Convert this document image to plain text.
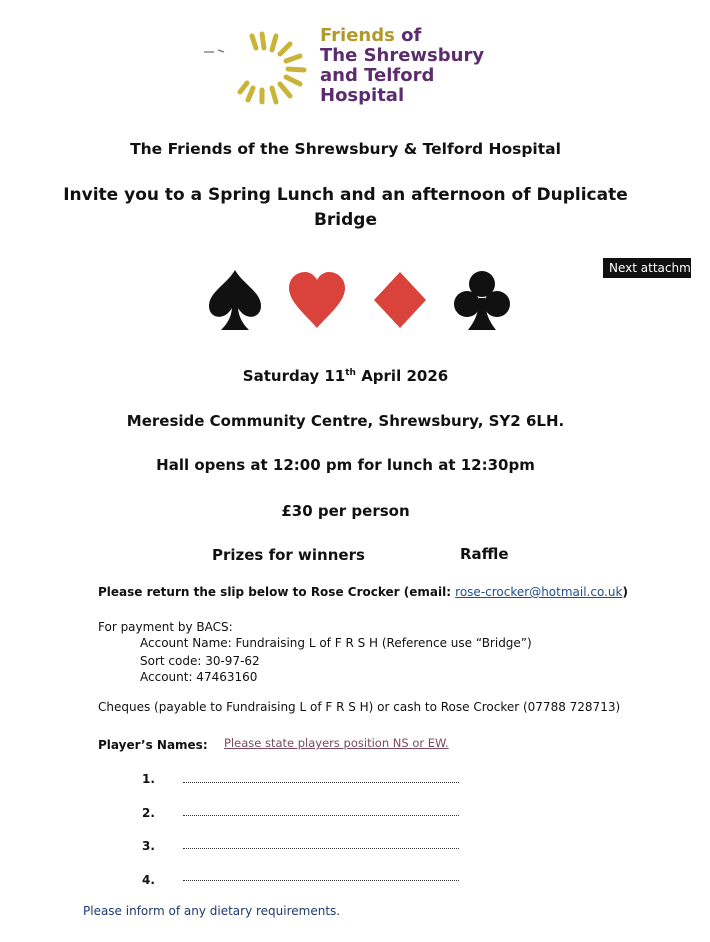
Friends of
The Shrewsbury
and Telford
Hospital
Next attachment
The Friends of the Shrewsbury & Telford Hospital
Invite you to a Spring Lunch and an afternoon of Duplicate
Bridge
Saturday 11th April 2026
Mereside Community Centre, Shrewsbury, SY2 6LH.
Hall opens at 12:00 pm for lunch at 12:30pm
£30 per person
Prizes for winners	Raffle
Please return the slip below to Rose Crocker (email: rose-crocker@hotmail.co.uk)
For payment by BACS:
Account Name: Fundraising L of F R S H (Reference use “Bridge”)
Sort code: 30-97-62
Account: 47463160
Cheques (payable to Fundraising L of F R S H) or cash to Rose Crocker (07788 728713)
Player’s Names: Please state players position NS or EW.
1.
2.
3.
4.
Please inform of any dietary requirements.
